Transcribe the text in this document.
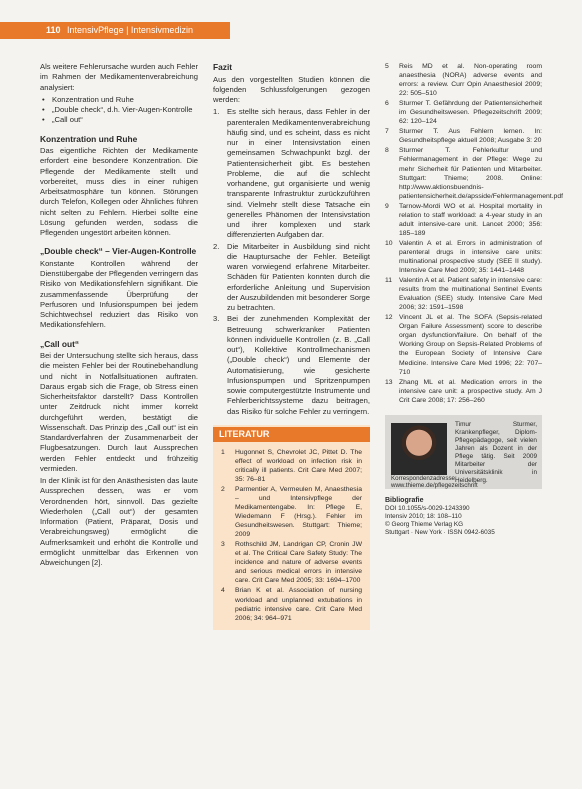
110 IntensivPflege | Intensivmedizin

Als weitere Fehlerursache wurden auch Fehler im Rahmen der Medikamentenverabreichung analysiert:

• Konzentration und Ruhe
• „Double check“, d.h. Vier-Augen-Kontrolle
• „Call out“
Konzentration und Ruhe

Das eigentliche Richten der Medikamente erfordert eine besondere Konzentration. Die Pflegende der Medikamente stellt und vorbereitet, muss dies in einer ruhigen Arbeitsatmosphäre tun können. Störungen durch Telefon, Kollegen oder Ähnliches führen nicht selten zu Fehlern. Hierbei sollte eine Lösung gefunden werden, sodass die Pflegenden ungestört arbeiten können.

„Double check“ – Vier-Augen-Kontrolle

Konstante Kontrollen während der Dienstübergabe der Pflegenden verringern das Risiko von Medikationsfehlern signifikant. Die zusammenfassende Überprüfung der Perfusoren und Infusionspumpen bei jedem Schichtwechsel reduziert das Risiko von Medikationsfehlern.

„Call out“

Bei der Untersuchung stellte sich heraus, dass die meisten Fehler bei der Routinebehandlung und nicht in Notfallsituationen auftraten. Daraus ergab sich die Frage, ob Stress einen Sicherheitsfaktor darstellt? Dass Kontrollen unter Zeitdruck nicht immer korrekt durchgeführt werden, bestätigt die Wissenschaft. Das Prinzip des „Call out“ ist ein Standardverfahren der Zusammenarbeit der Flugbesatzungen. Durch laut Aussprechen werden Fehler entdeckt und frühzeitig vermieden.

In der Klinik ist für den Anästhesisten das laute Aussprechen dessen, was er vom Verordnenden hört, sinnvoll. Das gezielte Wiederholen („Call out“) der gesamten Information (Patient, Präparat, Dosis und Verabreichungsweg) ermöglicht die Aufmerksamkeit und erhöht die Kontrolle und ermöglicht unmittelbar das Erkennen von Abweichungen [2].

Fazit

Aus den vorgestellten Studien können die folgenden Schlussfolgerungen gezogen werden:

1. Es stellte sich heraus, dass Fehler in der parenteralen Medikamentenverabreichung häufig sind, und es scheint, dass es nicht nur in einer Intensivstation einen gemeinsamen Schwachpunkt bzgl. der Patientensicherheit gibt. Es bestehen Probleme, die auf die schlecht vorhandene, gut organisierte und wenig transparente Infrastruktur zurückzuführen sind. Vielmehr stellt diese Tatsache ein generelles Phänomen der Intensivstation und ihrer komplexen und stark differenzierten Aufgaben dar.
2. Die Mitarbeiter in Ausbildung sind nicht die Hauptursache der Fehler. Beteiligt waren vorwiegend erfahrene Mitarbeiter. Schäden für Patienten konnten durch die erforderliche Anleitung und Supervision der Auszubildenden mit besonderer Sorge zu betrachten.
3. Bei der zunehmenden Komplexität der Betreuung schwerkranker Patienten können individuelle Kontrollen (z. B. „Call out“), Kollektive Kontrollmechanismen („Double check“) und Elemente der Automatisierung, wie gesicherte Infusionspumpen und Spritzenpumpen sowie computergestützte Instrumente und Fehlerberichtssysteme dazu beitragen, das Risiko für solche Fehler zu verringern.
LITERATUR
1 Hugonnet S, Chevrolet JC, Pittet D. The effect of workload on infection risk in critically ill patients. Crit Care Med 2007; 35: 76–81
2 Parmentier A, Vermeulen M, Anaesthesia – und Intensivpflege der Medikamentengabe. In: Pflege E, Wiedemann F (Hrsg.). Fehler im Gesundheitswesen. Stuttgart: Thieme; 2009
3 Rothschild JM, Landrigan CP, Cronin JW et al. The Critical Care Safety Study: The incidence and nature of adverse events and serious medical errors in intensive care. Crit Care Med 2005; 33: 1694–1700
4 Brian K et al. Association of nursing workload and unplanned extubations in pediatric intensive care. Crit Care Med 2006; 34: 964–971
5 Reis MD et al. Non-operating room anaesthesia (NORA) adverse events and errors: a review. Curr Opin Anaesthesiol 2009; 22: 505–510
6 Sturmer T. Gefährdung der Patientensicherheit im Gesundheitswesen. Pflegezeitschrift 2009; 62: 120–124
7 Sturmer T. Aus Fehlern lernen. In: Gesundheitspflege aktuell 2008; Ausgabe 3: 20
8 Sturmer T. Fehlerkultur und Fehlermanagement in der Pflege: Wege zu mehr Sicherheit für Patienten und Mitarbeiter. Stuttgart: Thieme; 2008. Online: http://www.aktionsbuendnis-patientensicherheit.de/apsside/Fehlermanagement.pdf
9 Tarnow-Mordi WO et al. Hospital mortality in relation to staff workload: a 4-year study in an adult intensive-care unit. Lancet 2000; 356: 185–189
10 Valentin A et al. Errors in administration of parenteral drugs in intensive care units: multinational prospective study (SEE II study). Intensive Care Med 2009; 35: 1441–1448
11 Valentin A et al. Patient safety in intensive care: results from the multinational Sentinel Events Evaluation (SEE) study. Intensive Care Med 2006; 32: 1591–1598
12 Vincent JL et al. The SOFA (Sepsis-related Organ Failure Assessment) score to describe organ dysfunction/failure. On behalf of the Working Group on Sepsis-Related Problems of the European Society of Intensive Care Medicine. Intensive Care Med 1996; 22: 707–710
13 Zhang ML et al. Medication errors in the intensive care unit: a prospective study. Am J Crit Care 2008; 17: 256–260
Timur Sturmer, Krankenpfleger, Diplom-Pflegepädagoge, seit vielen Jahren als Dozent in der Pflege tätig. Seit 2009 Mitarbeiter der Universitätsklinik in Heidelberg.
Korrespondenzadresse: www.thieme.de/pflegezeitschrift
Bibliografie
DOI 10.1055/s-0029-1243390
Intensiv 2010; 18: 108–110
© Georg Thieme Verlag KG
Stuttgart · New York · ISSN 0942-6035
